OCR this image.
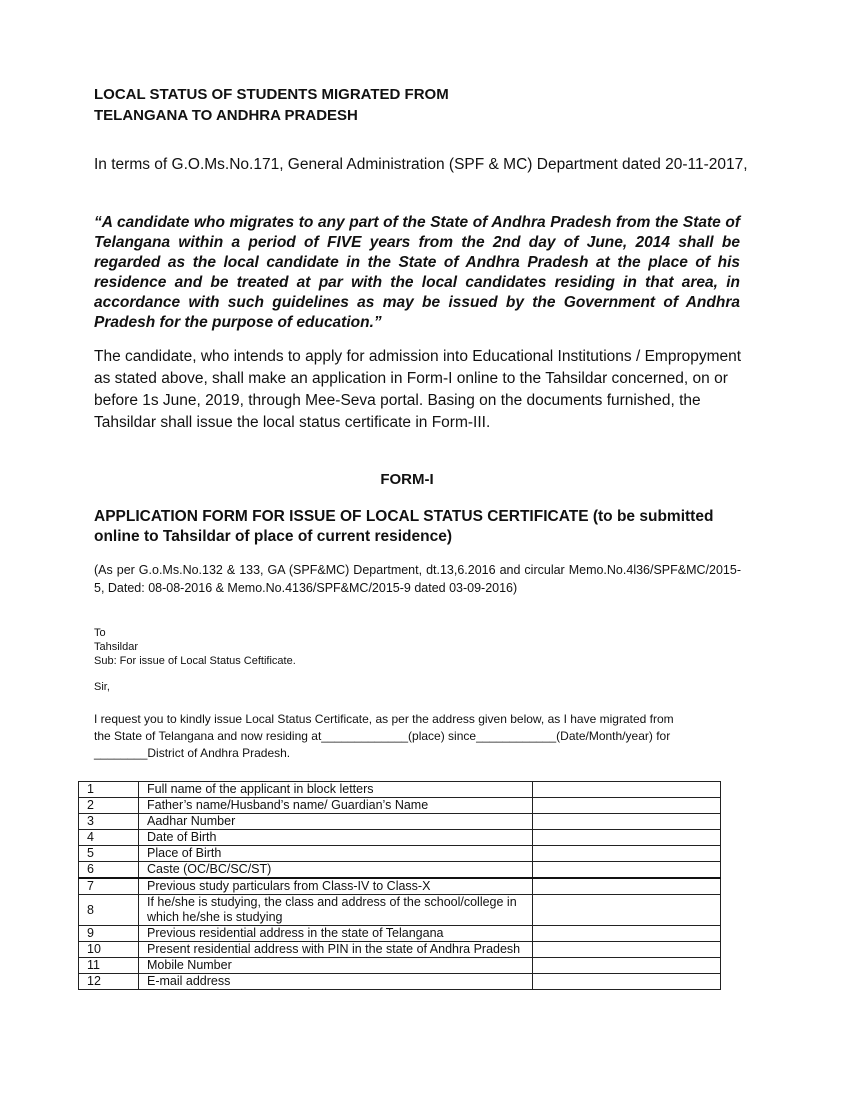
LOCAL STATUS OF STUDENTS MIGRATED FROM
TELANGANA TO ANDHRA PRADESH
In terms of G.O.Ms.No.171, General Administration (SPF & MC) Department dated 20-11-2017,
“A candidate who migrates to any part of the State of Andhra Pradesh from the State of Telangana within a period of FIVE years from the 2nd day of June, 2014 shall be regarded as the local candidate in the State of Andhra Pradesh at the place of his residence and be treated at par with the local candidates residing in that area, in accordance with such guidelines as may be issued by the Government of Andhra Pradesh for the purpose of education.”
The candidate, who intends to apply for admission into Educational Institutions / Empropyment as stated above, shall make an application in Form-I online to the Tahsildar concerned, on or before 1s June, 2019, through Mee-Seva portal. Basing on the documents furnished, the Tahsildar shall issue the local status certificate in Form-III.
FORM-I
APPLICATION FORM FOR ISSUE OF LOCAL STATUS CERTIFICATE (to be submitted online to Tahsildar of place of current residence)
(As per G.o.Ms.No.132 & 133, GA (SPF&MC) Department, dt.13,6.2016 and circular Memo.No.4l36/SPF&MC/2015-5, Dated: 08-08-2016 & Memo.No.4136/SPF&MC/2015-9 dated 03-09-2016)
To
Tahsildar
Sub: For issue of Local Status Ceftificate.
Sir,
I request you to kindly issue Local Status Certificate, as per the address given below, as I have migrated from
the State of Telangana and now residing at_____________(place) since____________(Date/Month/year) for
________District of Andhra Pradesh.
1	Full name of the applicant in block letters	
2	Father’s name/Husband’s name/ Guardian’s Name	
3	Aadhar Number	
4	Date of Birth	
5	Place of Birth	
6	Caste (OC/BC/SC/ST)	
7	Previous study particulars from Class-IV to Class-X	
8	If he/she is studying, the class and address of the school/college in which he/she is studying	
9	Previous residential address in the state of Telangana	
10	Present residential address with PIN in the state of Andhra Pradesh	
11	Mobile Number	
12	E-mail address	
